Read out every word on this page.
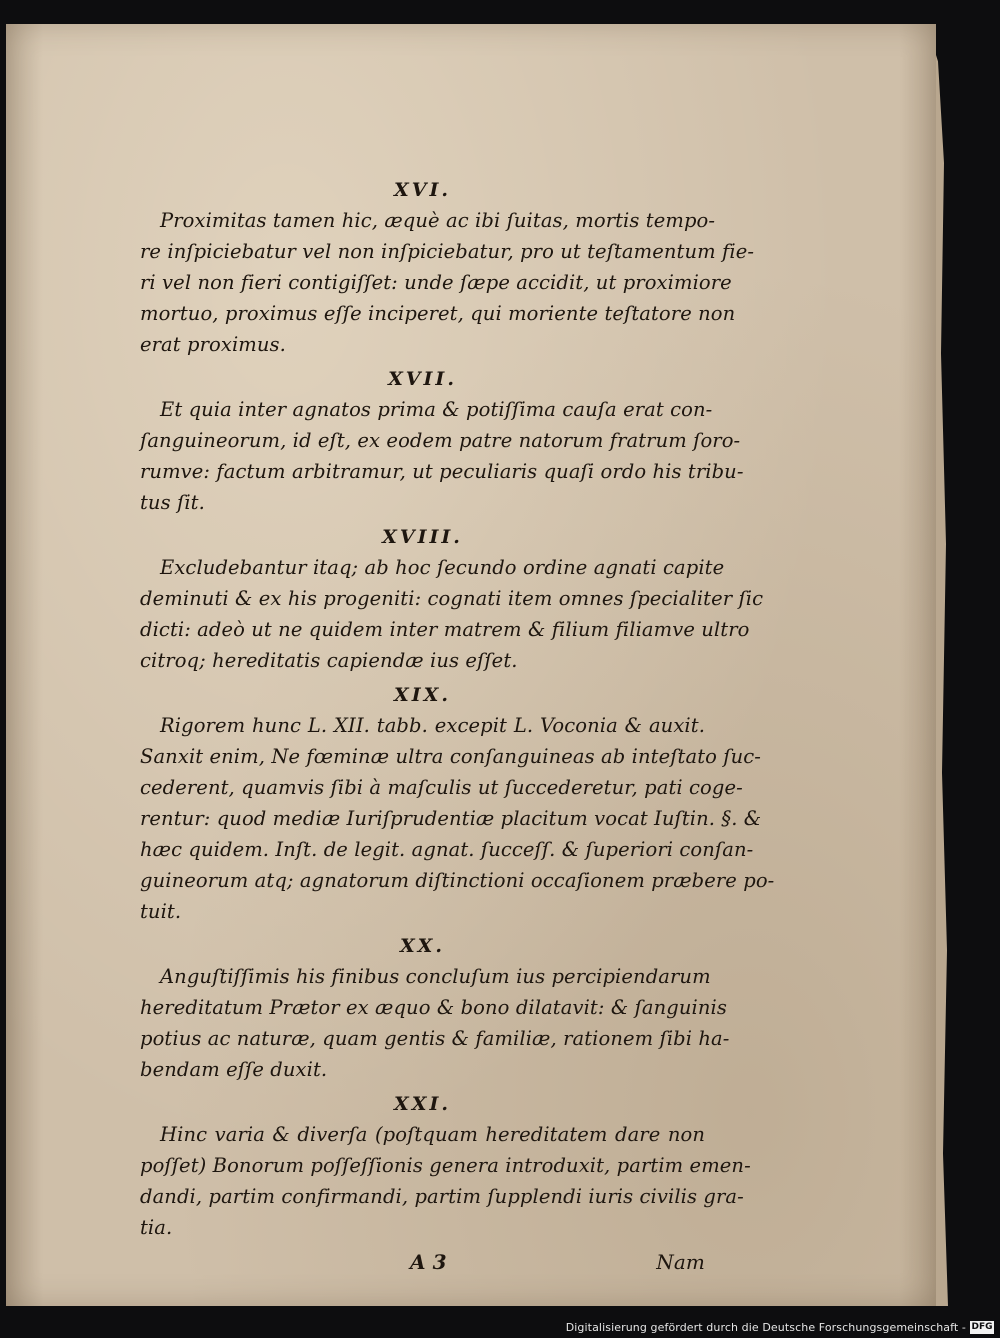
XVI.
Proximitas tamen hic, æquè ac ibi ſuitas, mortis tempo-
re inſpiciebatur vel non inſpiciebatur, pro ut teſtamentum fie-
ri vel non fieri contigiſſet: unde ſæpe accidit, ut proximiore
mortuo, proximus eſſe inciperet, qui moriente teſtatore non
erat proximus.
XVII.
Et quia inter agnatos prima & potiſſima cauſa erat con-
ſanguineorum, id eſt, ex eodem patre natorum fratrum ſoro-
rumve: factum arbitramur, ut peculiaris quaſi ordo his tribu-
tus ſit.
XVIII.
Excludebantur itaq; ab hoc ſecundo ordine agnati capite
deminuti & ex his progeniti: cognati item omnes ſpecialiter ſic
dicti: adeò ut ne quidem inter matrem & filium filiamve ultro
citroq; hereditatis capiendæ ius eſſet.
XIX.
Rigorem hunc L. XII. tabb. excepit L. Voconia & auxit.
Sanxit enim, Ne fœminæ ultra conſanguineas ab inteſtato ſuc-
cederent, quamvis ſibi à maſculis ut ſuccederetur, pati coge-
rentur: quod mediæ Iuriſprudentiæ placitum vocat Iuſtin. §. &
hæc quidem. Inſt. de legit. agnat. ſucceſſ. & ſuperiori conſan-
guineorum atq; agnatorum diſtinctioni occaſionem præbere po-
tuit.
XX.
Anguſtiſſimis his finibus concluſum ius percipiendarum
hereditatum Prætor ex æquo & bono dilatavit: & ſanguinis
potius ac naturæ, quam gentis & familiæ, rationem ſibi ha-
bendam eſſe duxit.
XXI.
Hinc varia & diverſa (poſtquam hereditatem dare non
poſſet) Bonorum poſſeſſionis genera introduxit, partim emen-
dandi, partim confirmandi, partim ſupplendi iuris civilis gra-
tia.
A 3	Nam
Digitalisierung gefördert durch die Deutsche Forschungsgemeinschaft - DFG
